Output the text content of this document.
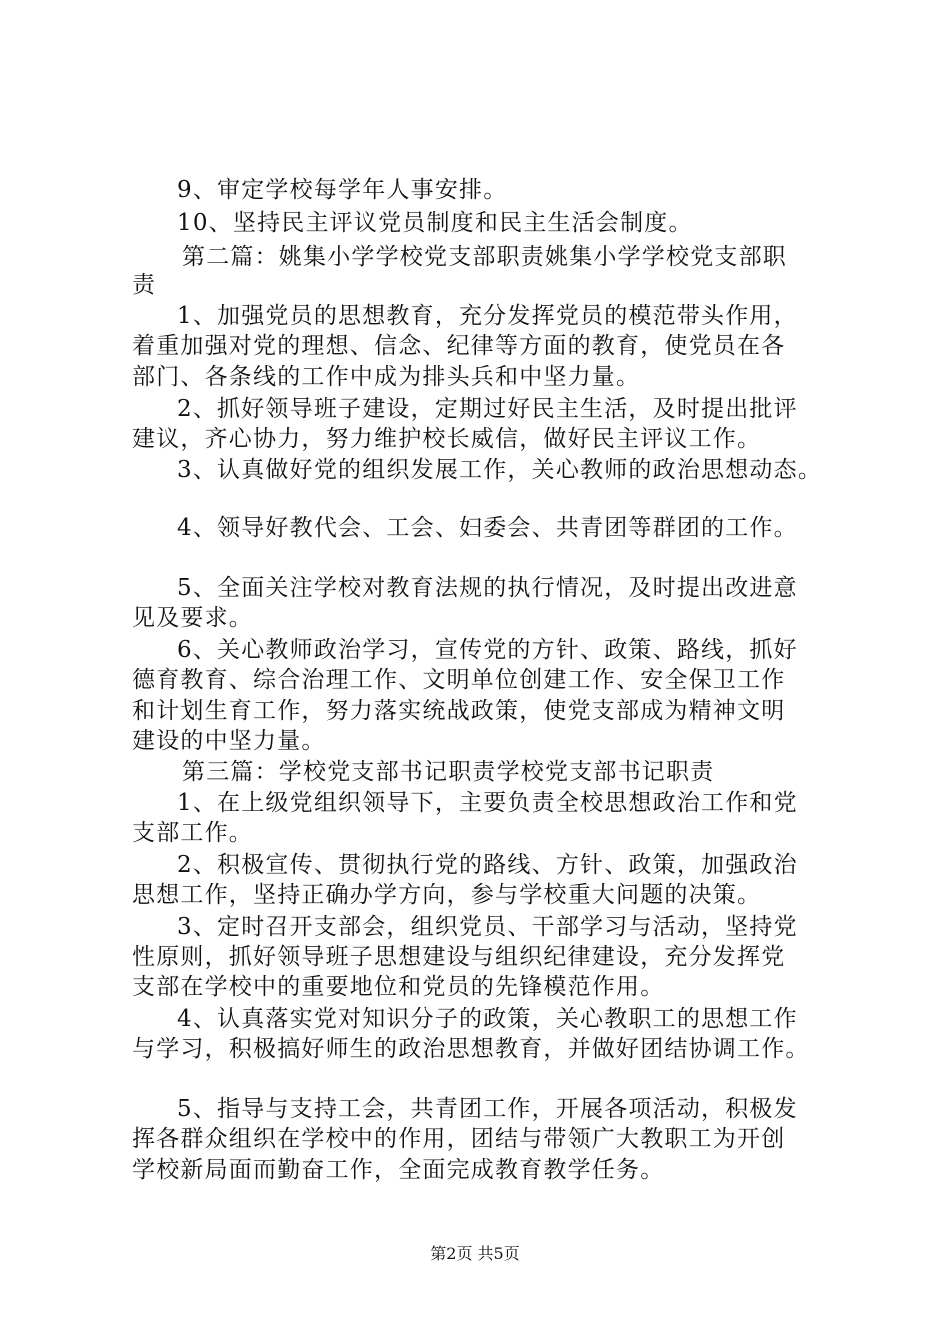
9、审定学校每学年人事安排。
10、坚持民主评议党员制度和民主生活会制度。
第二篇：姚集小学学校党支部职责姚集小学学校党支部职
责
1、加强党员的思想教育，充分发挥党员的模范带头作用，
着重加强对党的理想、信念、纪律等方面的教育，使党员在各
部门、各条线的工作中成为排头兵和中坚力量。
2、抓好领导班子建设，定期过好民主生活，及时提出批评
建议，齐心协力，努力维护校长威信，做好民主评议工作。
3、认真做好党的组织发展工作，关心教师的政治思想动态。
4、领导好教代会、工会、妇委会、共青团等群团的工作。
5、全面关注学校对教育法规的执行情况，及时提出改进意
见及要求。
6、关心教师政治学习，宣传党的方针、政策、路线，抓好
德育教育、综合治理工作、文明单位创建工作、安全保卫工作
和计划生育工作，努力落实统战政策，使党支部成为精神文明
建设的中坚力量。
第三篇：学校党支部书记职责学校党支部书记职责
1、在上级党组织领导下，主要负责全校思想政治工作和党
支部工作。
2、积极宣传、贯彻执行党的路线、方针、政策，加强政治
思想工作，坚持正确办学方向，参与学校重大问题的决策。
3、定时召开支部会，组织党员、干部学习与活动，坚持党
性原则，抓好领导班子思想建设与组织纪律建设，充分发挥党
支部在学校中的重要地位和党员的先锋模范作用。
4、认真落实党对知识分子的政策，关心教职工的思想工作
与学习，积极搞好师生的政治思想教育，并做好团结协调工作。
5、指导与支持工会，共青团工作，开展各项活动，积极发
挥各群众组织在学校中的作用，团结与带领广大教职工为开创
学校新局面而勤奋工作，全面完成教育教学任务。
第2页 共5页
